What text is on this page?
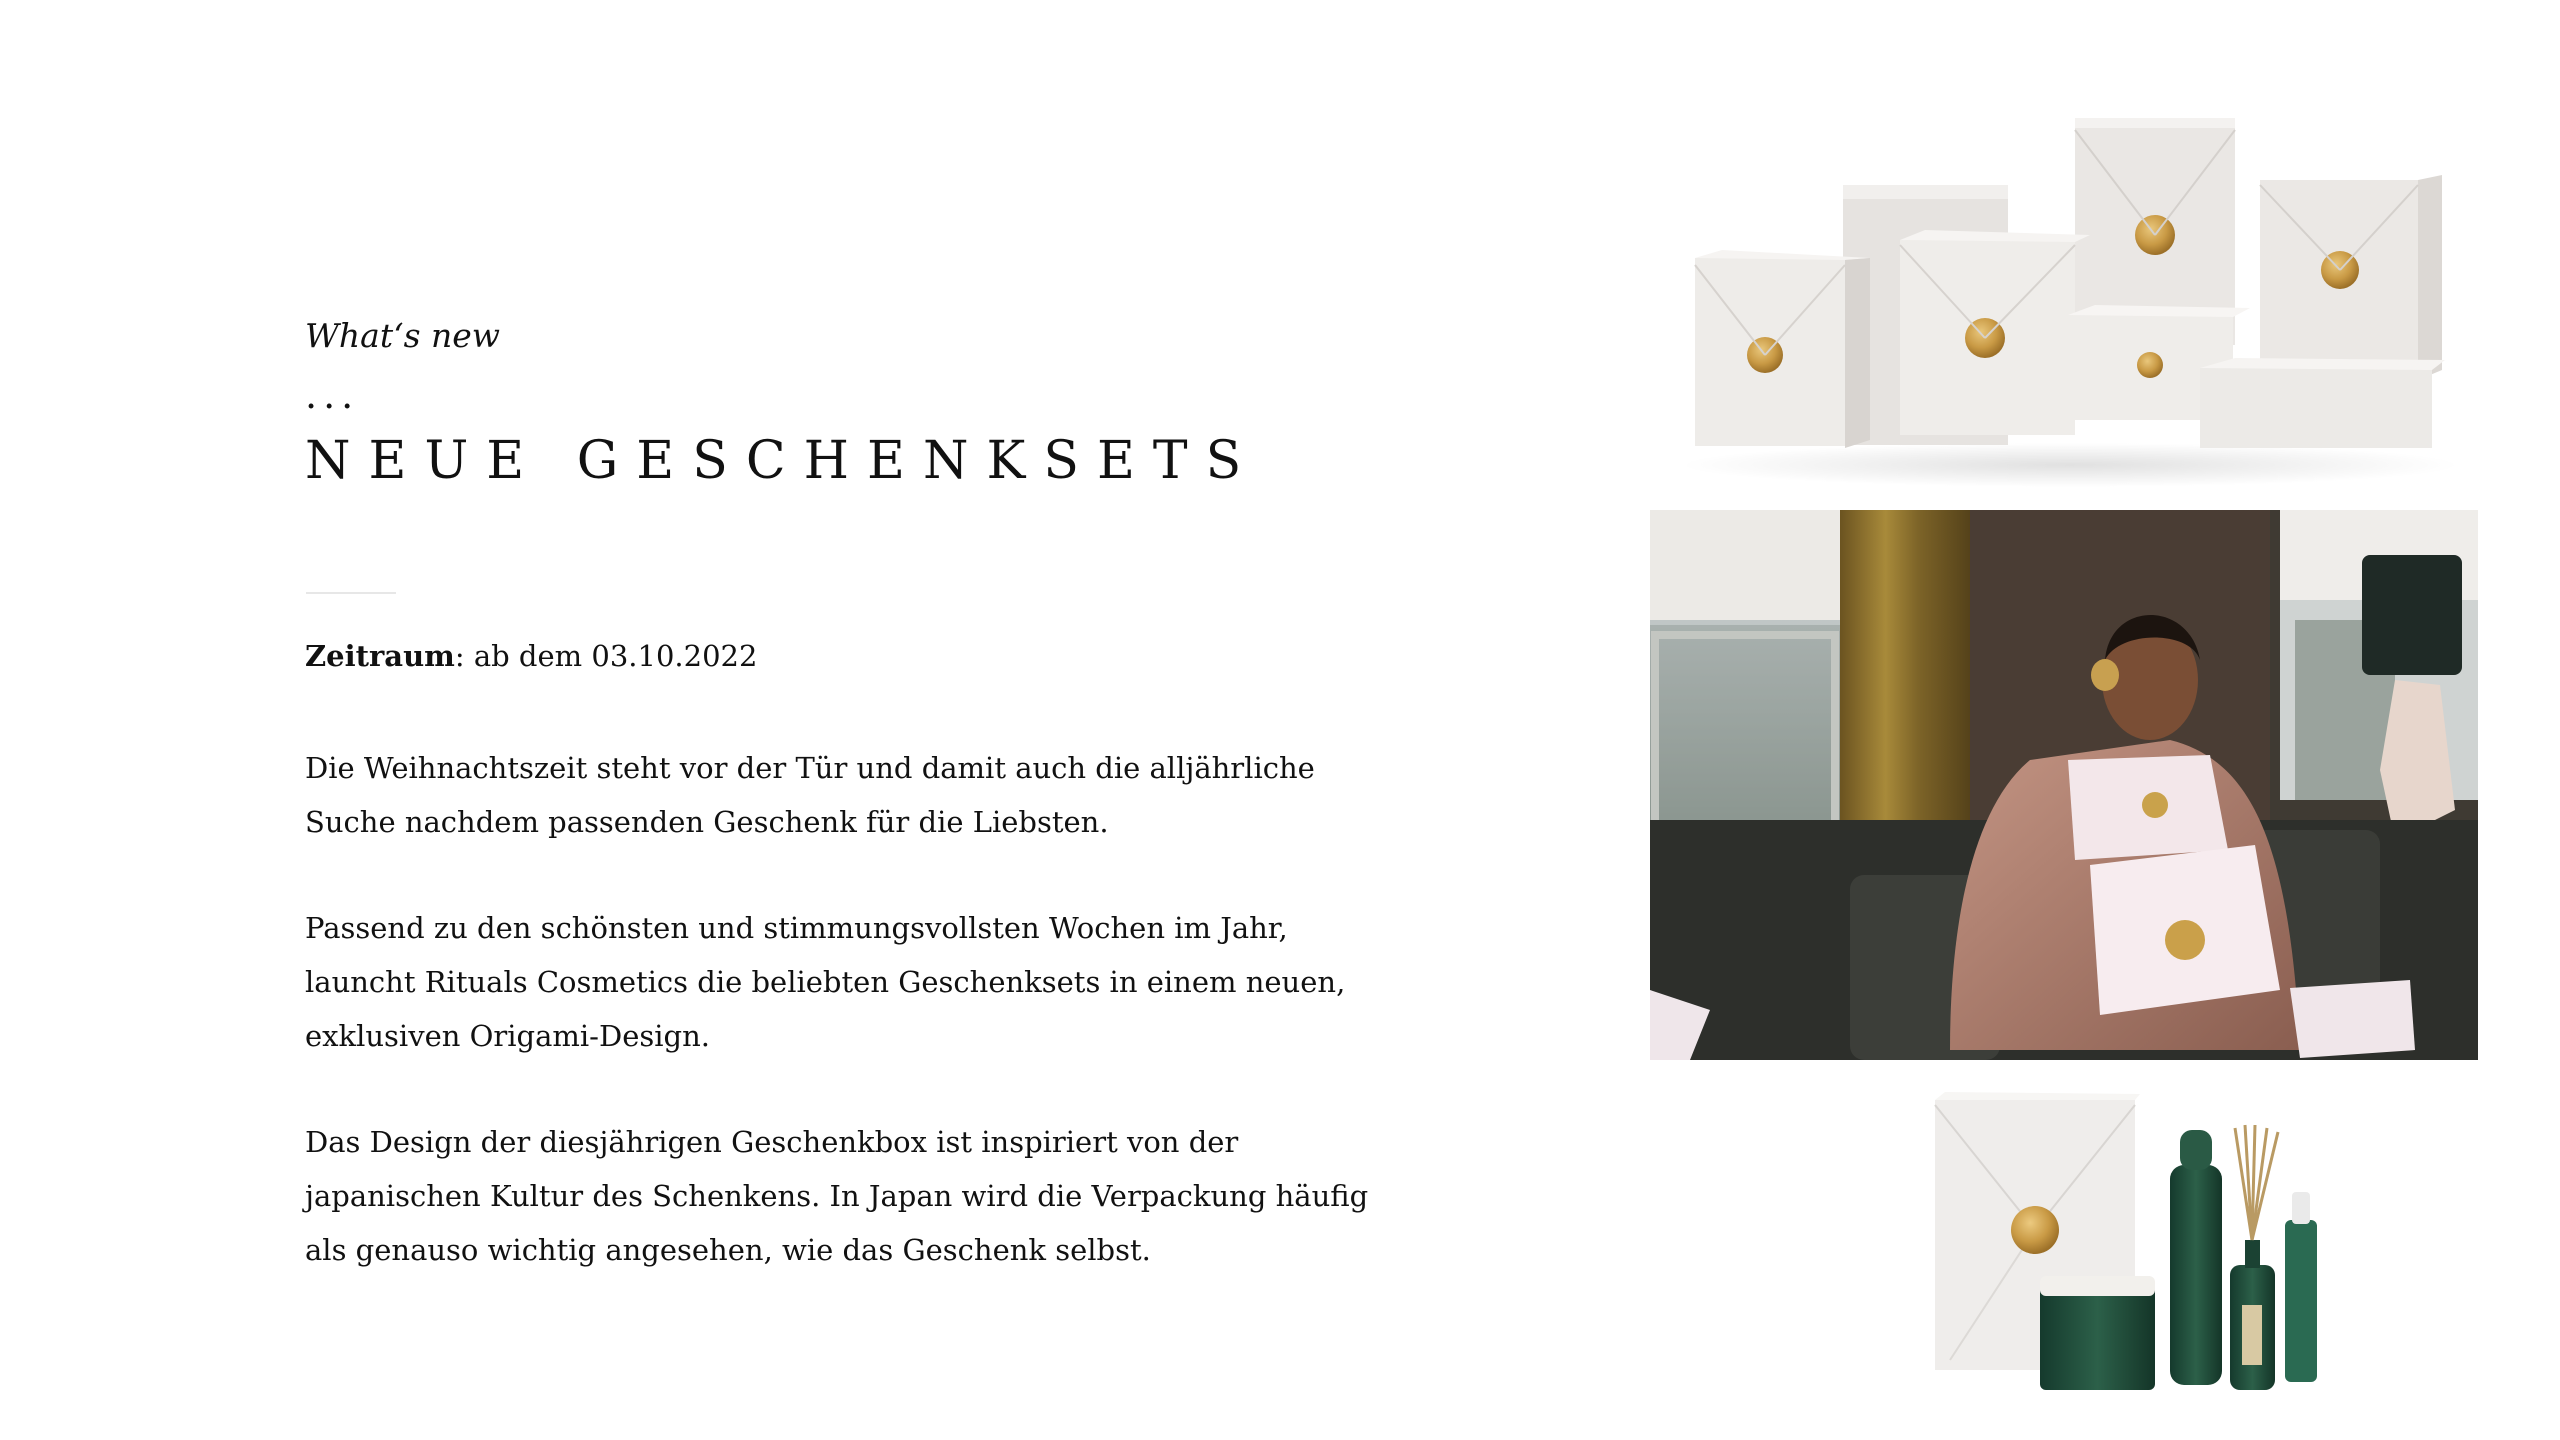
What‘s new
...
NEUE GESCHENKSETS
Zeitraum: ab dem 03.10.2022

Die Weihnachtszeit steht vor der Tür und damit auch die alljährliche Suche nachdem passenden Geschenk für die Liebsten.

Passend zu den schönsten und stimmungsvollsten Wochen im Jahr, launcht Rituals Cosmetics die beliebten Geschenksets in einem neuen, exklusiven Origami-Design.

Das Design der diesjährigen Geschenkbox ist inspiriert von der japanischen Kultur des Schenkens. In Japan wird die Verpackung häufig als genauso wichtig angesehen, wie das Geschenk selbst.
